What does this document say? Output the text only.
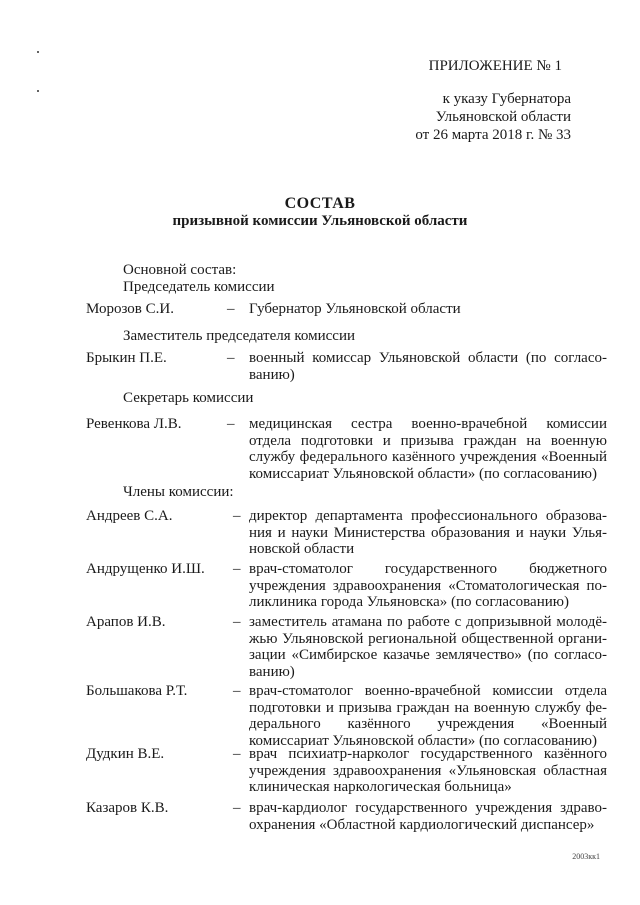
ПРИЛОЖЕНИЕ № 1
к указу Губернатора
Ульяновской области
от 26 марта 2018 г. № 33
СОСТАВ
призывной комиссии Ульяновской области
Основной состав:
Председатель комиссии
Заместитель председателя комиссии
Секретарь комиссии
Члены комиссии:
Морозов С.И.	– Губернатор Ульяновской области
Брыкин П.Е.	– военный комиссар Ульяновской области (по согласо-
ванию)
Ревенкова Л.В.	– медицинская сестра военно-врачебной комиссии
отдела подготовки и призыва граждан на военную
службу федерального казённого учреждения «Военный
комиссариат Ульяновской области» (по согласованию)
Андреев С.А.	– директор департамента профессионального образова-
ния и науки Министерства образования и науки Улья-
новской области
Андрущенко И.Ш. – врач-стоматолог государственного бюджетного
учреждения здравоохранения «Стоматологическая по-
ликлиника города Ульяновска» (по согласованию)
Арапов И.В.	– заместитель атамана по работе с допризывной молодё-
жью Ульяновской региональной общественной органи-
зации «Симбирское казачье землячество» (по согласо-
ванию)
Большакова Р.Т.	– врач-стоматолог военно-врачебной комиссии отдела
подготовки и призыва граждан на военную службу фе-
дерального казённого учреждения «Военный
комиссариат Ульяновской области» (по согласованию)
Дудкин В.Е.	– врач психиатр-нарколог государственного казённого
учреждения здравоохранения «Ульяновская областная
клиническая наркологическая больница»
Казаров К.В.	– врач-кардиолог государственного учреждения здраво-
охранения «Областной кардиологический диспансер»
2003кк1
